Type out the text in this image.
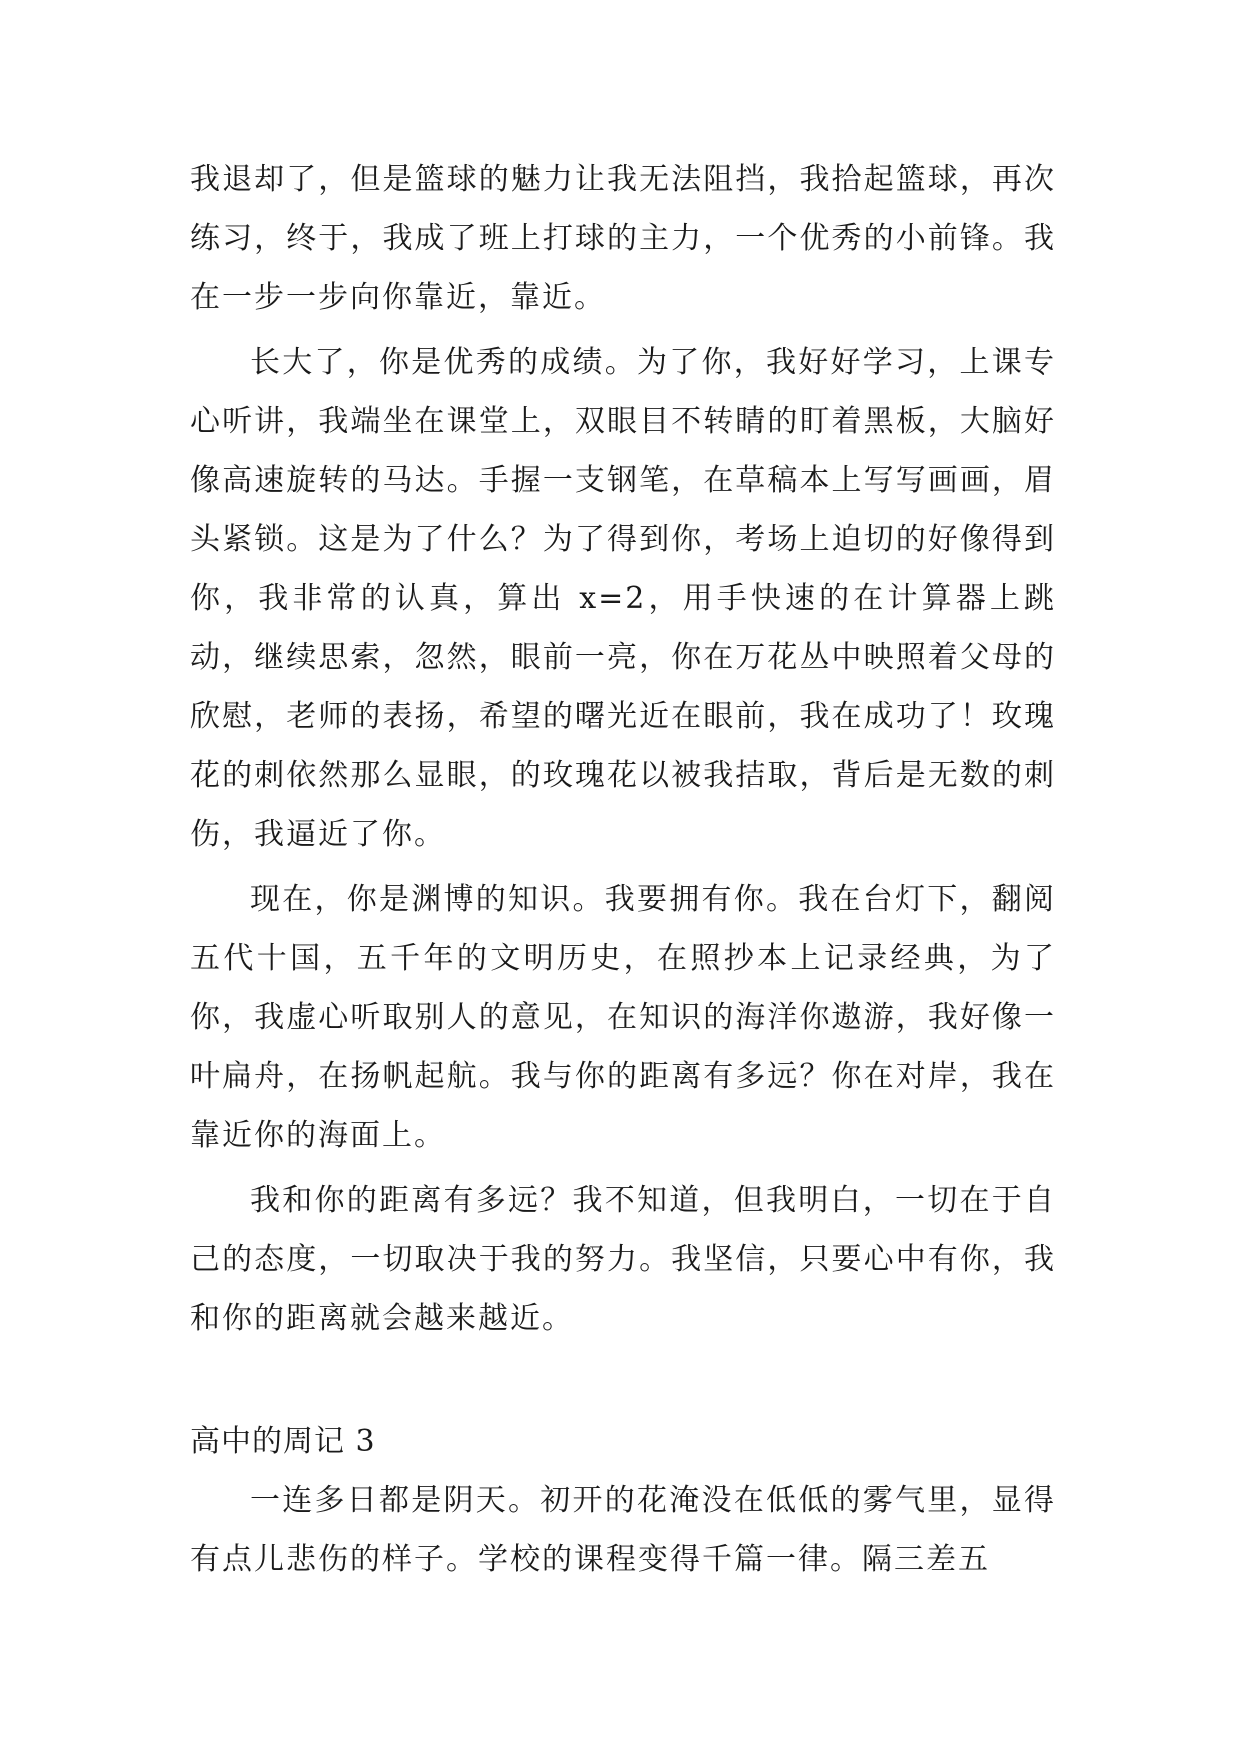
我退却了，但是篮球的魅力让我无法阻挡，我拾起篮球，再次练习，终于，我成了班上打球的主力，一个优秀的小前锋。我在一步一步向你靠近，靠近。

长大了，你是优秀的成绩。为了你，我好好学习，上课专心听讲，我端坐在课堂上，双眼目不转睛的盯着黑板，大脑好像高速旋转的马达。手握一支钢笔，在草稿本上写写画画，眉头紧锁。这是为了什么？为了得到你，考场上迫切的好像得到你，我非常的认真，算出 x=2，用手快速的在计算器上跳动，继续思索，忽然，眼前一亮，你在万花丛中映照着父母的欣慰，老师的表扬，希望的曙光近在眼前，我在成功了！玫瑰花的刺依然那么显眼，的玫瑰花以被我拮取，背后是无数的刺伤，我逼近了你。

现在，你是渊博的知识。我要拥有你。我在台灯下，翻阅五代十国，五千年的文明历史，在照抄本上记录经典，为了你，我虚心听取别人的意见，在知识的海洋你遨游，我好像一叶扁舟，在扬帆起航。我与你的距离有多远？你在对岸，我在靠近你的海面上。

我和你的距离有多远？我不知道，但我明白，一切在于自己的态度，一切取决于我的努力。我坚信，只要心中有你，我和你的距离就会越来越近。

高中的周记 3

一连多日都是阴天。初开的花淹没在低低的雾气里，显得有点儿悲伤的样子。学校的课程变得千篇一律。隔三差五
